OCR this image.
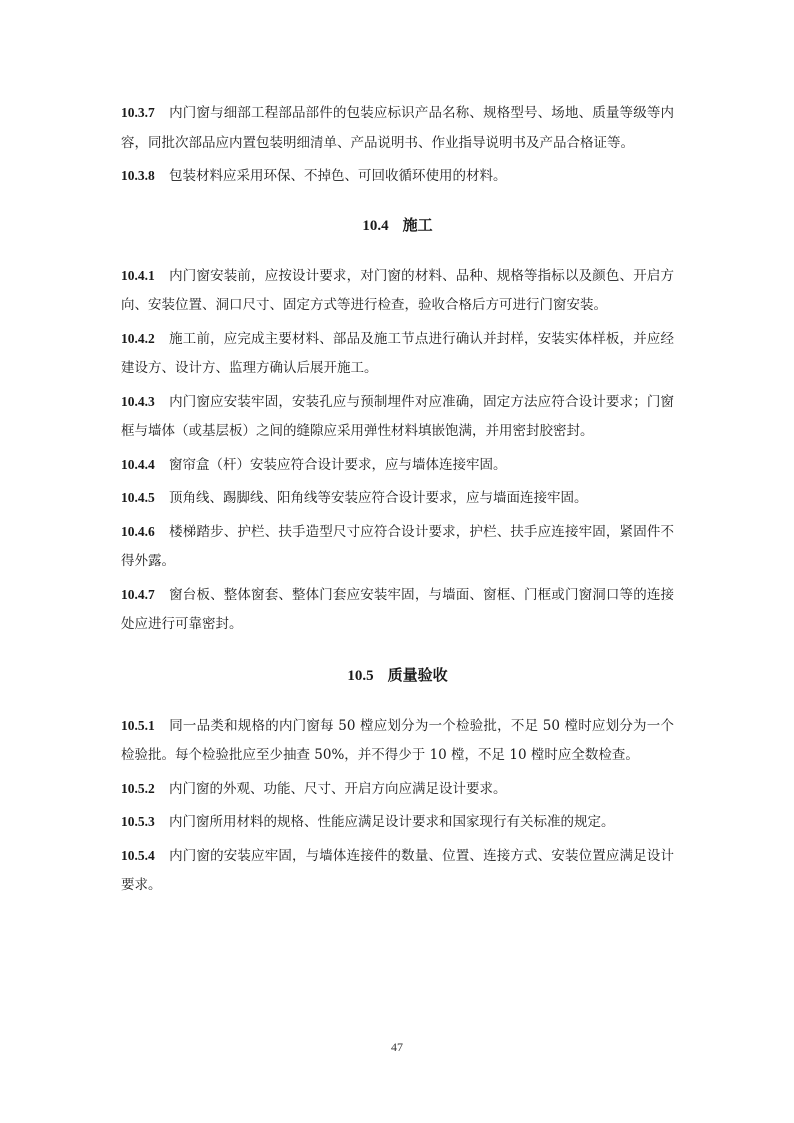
10.3.7 内门窗与细部工程部品部件的包装应标识产品名称、规格型号、场地、质量等级等内容，同批次部品应内置包装明细清单、产品说明书、作业指导说明书及产品合格证等。

10.3.8 包装材料应采用环保、不掉色、可回收循环使用的材料。

10.4 施工

10.4.1 内门窗安装前，应按设计要求，对门窗的材料、品种、规格等指标以及颜色、开启方向、安装位置、洞口尺寸、固定方式等进行检查，验收合格后方可进行门窗安装。

10.4.2 施工前，应完成主要材料、部品及施工节点进行确认并封样，安装实体样板，并应经建设方、设计方、监理方确认后展开施工。

10.4.3 内门窗应安装牢固，安装孔应与预制埋件对应准确，固定方法应符合设计要求；门窗框与墙体（或基层板）之间的缝隙应采用弹性材料填嵌饱满，并用密封胶密封。

10.4.4 窗帘盒（杆）安装应符合设计要求，应与墙体连接牢固。

10.4.5 顶角线、踢脚线、阳角线等安装应符合设计要求，应与墙面连接牢固。

10.4.6 楼梯踏步、护栏、扶手造型尺寸应符合设计要求，护栏、扶手应连接牢固，紧固件不得外露。

10.4.7 窗台板、整体窗套、整体门套应安装牢固，与墙面、窗框、门框或门窗洞口等的连接处应进行可靠密封。

10.5 质量验收

10.5.1 同一品类和规格的内门窗每 50 樘应划分为一个检验批，不足 50 樘时应划分为一个检验批。每个检验批应至少抽查 50%，并不得少于 10 樘，不足 10 樘时应全数检查。

10.5.2 内门窗的外观、功能、尺寸、开启方向应满足设计要求。

10.5.3 内门窗所用材料的规格、性能应满足设计要求和国家现行有关标准的规定。

10.5.4 内门窗的安装应牢固，与墙体连接件的数量、位置、连接方式、安装位置应满足设计要求。

47
